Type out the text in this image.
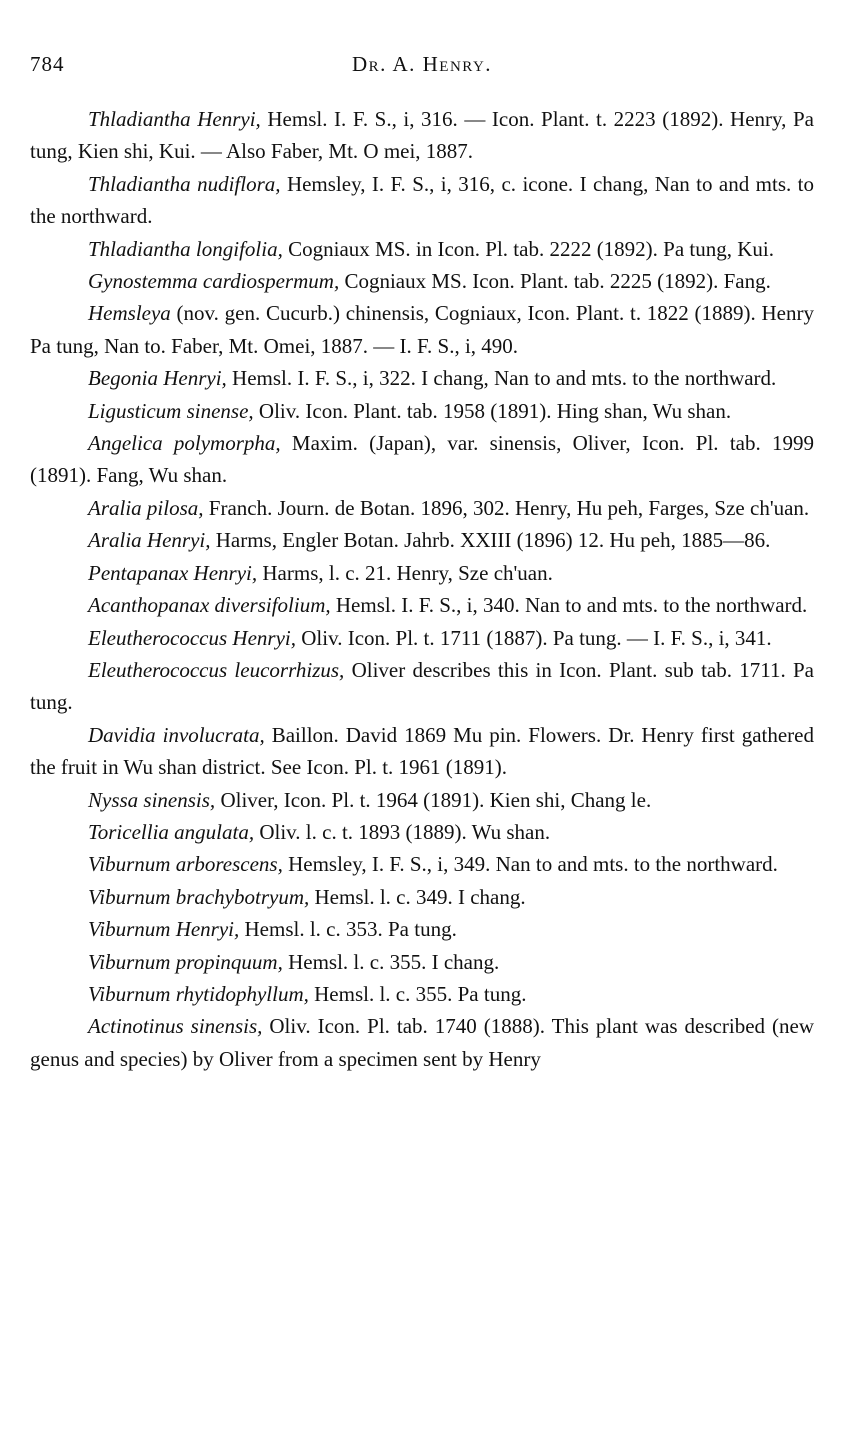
784	Dr. A. Henry.

Thladiantha Henryi, Hemsl. I. F. S., i, 316. — Icon. Plant. t. 2223 (1892). Henry, Pa tung, Kien shi, Kui. — Also Faber, Mt. O mei, 1887.

Thladiantha nudiflora, Hemsley, I. F. S., i, 316, c. icone. I chang, Nan to and mts. to the northward.

Thladiantha longifolia, Cogniaux MS. in Icon. Pl. tab. 2222 (1892). Pa tung, Kui.

Gynostemma cardiospermum, Cogniaux MS. Icon. Plant. tab. 2225 (1892). Fang.

Hemsleya (nov. gen. Cucurb.) chinensis, Cogniaux, Icon. Plant. t. 1822 (1889). Henry Pa tung, Nan to. Faber, Mt. Omei, 1887. — I. F. S., i, 490.

Begonia Henryi, Hemsl. I. F. S., i, 322. I chang, Nan to and mts. to the northward.

Ligusticum sinense, Oliv. Icon. Plant. tab. 1958 (1891). Hing shan, Wu shan.

Angelica polymorpha, Maxim. (Japan), var. sinensis, Oliver, Icon. Pl. tab. 1999 (1891). Fang, Wu shan.

Aralia pilosa, Franch. Journ. de Botan. 1896, 302. Henry, Hu peh, Farges, Sze ch'uan.

Aralia Henryi, Harms, Engler Botan. Jahrb. XXIII (1896) 12. Hu peh, 1885—86.

Pentapanax Henryi, Harms, l. c. 21. Henry, Sze ch'uan.

Acanthopanax diversifolium, Hemsl. I. F. S., i, 340. Nan to and mts. to the northward.

Eleutherococcus Henryi, Oliv. Icon. Pl. t. 1711 (1887). Pa tung. — I. F. S., i, 341.

Eleutherococcus leucorrhizus, Oliver describes this in Icon. Plant. sub tab. 1711. Pa tung.

Davidia involucrata, Baillon. David 1869 Mu pin. Flowers. Dr. Henry first gathered the fruit in Wu shan district. See Icon. Pl. t. 1961 (1891).

Nyssa sinensis, Oliver, Icon. Pl. t. 1964 (1891). Kien shi, Chang le.

Toricellia angulata, Oliv. l. c. t. 1893 (1889). Wu shan.

Viburnum arborescens, Hemsley, I. F. S., i, 349. Nan to and mts. to the northward.

Viburnum brachybotryum, Hemsl. l. c. 349. I chang.

Viburnum Henryi, Hemsl. l. c. 353. Pa tung.

Viburnum propinquum, Hemsl. l. c. 355. I chang.

Viburnum rhytidophyllum, Hemsl. l. c. 355. Pa tung.

Actinotinus sinensis, Oliv. Icon. Pl. tab. 1740 (1888). This plant was described (new genus and species) by Oliver from a specimen sent by Henry
